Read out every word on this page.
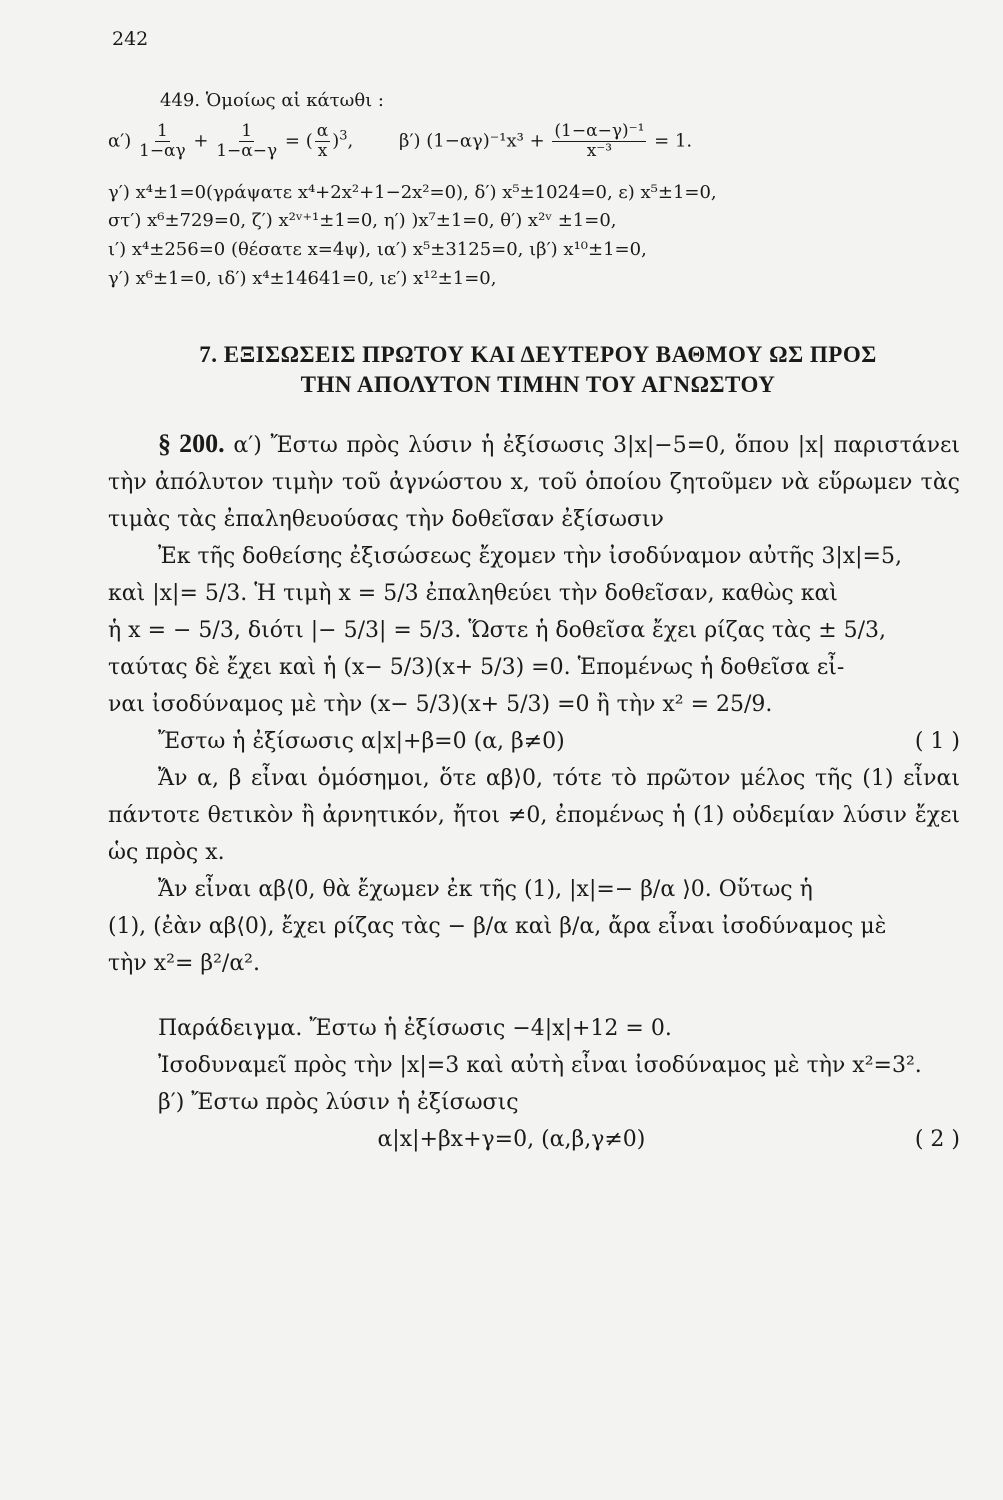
242
449. Ὁμοίως αἱ κάτωθι :
$\alpha') \frac{1}{1-\alpha\gamma} + \frac{1}{1-\alpha-\gamma}$ = ( $\frac{\alpha}{x} )^3$,        β′) $(1-\alpha\gamma)^{-1}x^3 + \frac{\text{(1−α−γ)⁻¹}}{\text{x⁻³}} = 1$.
γ′) x⁴±1=0(γράψατε x⁴+2x²+1−2x²=0), δ′) x⁵±1024=0, ε) x⁵±1=0,
στ′) x⁶±729=0, ζ′) x²ᵛ⁺¹±1=0, η′) )x⁷±1=0, θ′) x²ᵛ ±1=0,
ι′) x⁴±256=0 (θέσατε x=4ψ), ια′) x⁵±3125=0, ιβ′) x¹⁰±1=0,
γ′) x⁶±1=0, ιδ′) x⁴±14641=0, ιε′) x¹²±1=0,
7. ΕΞΙΣΩΣΕΙΣ ΠΡΩΤΟΥ ΚΑΙ ΔΕΥΤΕΡΟΥ ΒΑΘΜΟΥ ΩΣ ΠΡΟΣ
ΤΗΝ ΑΠΟΛΥΤΟΝ ΤΙΜΗΝ ΤΟΥ ΑΓΝΩΣΤΟΥ

§ 200. α′) Ἔστω πρὸς λύσιν ἡ ἐξίσωσις 3|x|−5=0, ὅπου |x| παριστάνει τὴν ἀπόλυτον τιμὴν τοῦ ἀγνώστου x, τοῦ ὁποίου ζητοῦμεν νὰ εὕρωμεν τὰς τιμὰς τὰς ἐπαληθευούσας τὴν δοθεῖσαν ἐξίσωσιν

Ἐκ τῆς δοθείσης ἐξισώσεως ἔχομεν τὴν ἰσοδύναμον αὐτῆς 3|x|=5,

καὶ |x|= 5/3. Ἡ τιμὴ x = 5/3 ἐπαληθεύει τὴν δοθεῖσαν, καθὼς καὶ

ἡ x = − 5/3, διότι |− 5/3| = 5/3. Ὥστε ἡ δοθεῖσα ἔχει ρίζας τὰς ± 5/3,

ταύτας δὲ ἔχει καὶ ἡ (x− 5/3)(x+ 5/3) =0. Ἑπομένως ἡ δοθεῖσα εἶ-

ναι ἰσοδύναμος μὲ τὴν (x− 5/3)(x+ 5/3) =0 ἢ τὴν x² = 25/9.

Ἔστω ἡ ἐξίσωσις α|x|+β=0 (α, β≠0)	( 1 )

Ἄν α, β εἶναι ὁμόσημοι, ὅτε αβ⟩0, τότε τὸ πρῶτον μέλος τῆς (1) εἶναι πάντοτε θετικὸν ἢ ἀρνητικόν, ἤτοι ≠0, ἐπομένως ἡ (1) οὐδεμίαν λύσιν ἔχει ὡς πρὸς x.

Ἄν εἶναι αβ⟨0, θὰ ἔχωμεν ἐκ τῆς (1), |x|=− β/α ⟩0. Οὕτως ἡ

(1), (ἐὰν αβ⟨0), ἔχει ρίζας τὰς − β/α καὶ β/α, ἄρα εἶναι ἰσοδύναμος μὲ

τὴν x²= β²/α².

Παράδειγμα. Ἔστω ἡ ἐξίσωσις −4|x|+12 = 0.

Ἰσοδυναμεῖ πρὸς τὴν |x|=3 καὶ αὐτὴ εἶναι ἰσοδύναμος μὲ τὴν x²=3².

β′) Ἔστω πρὸς λύσιν ἡ ἐξίσωσις

α|x|+βx+γ=0, (α,β,γ≠0)	( 2 )
